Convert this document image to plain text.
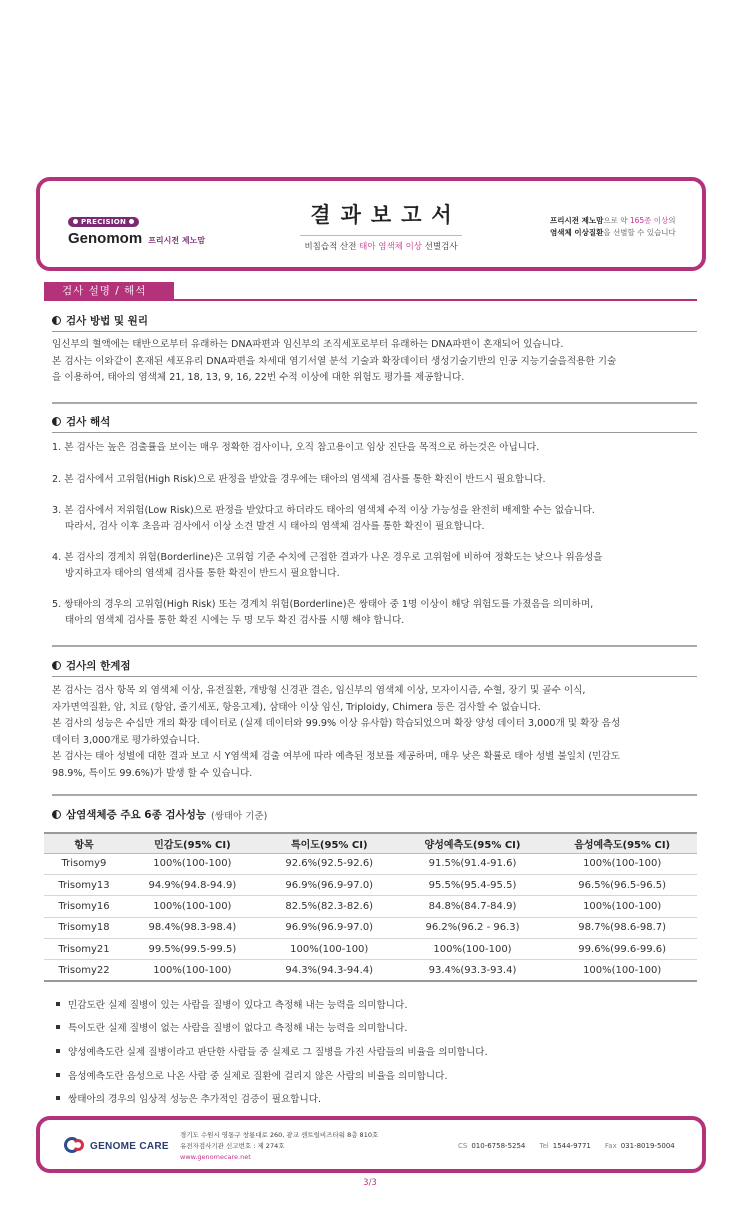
PRECISION
Genomom 프리시전 제노맘
결과보고서
비침습적 산전 태아 염색체 이상 선별검사
프리시전 제노맘으로 약 165종 이상의
염색체 이상질환을 선별할 수 있습니다
검사 설명 / 해석
검사 방법 및 원리
임신부의 혈액에는 태반으로부터 유래하는 DNA파편과 임신부의 조직세포로부터 유래하는 DNA파편이 혼재되어 있습니다.
본 검사는 이와같이 혼재된 세포유리 DNA파편을 차세대 염기서열 분석 기술과 확장데이터 생성기술기반의 인공 지능기술을적용한 기술
을 이용하여, 태아의 염색체 21, 18, 13, 9, 16, 22번 수적 이상에 대한 위험도 평가를 제공합니다.
검사 해석
1. 본 검사는 높은 검출률을 보이는 매우 정확한 검사이나, 오직 참고용이고 임상 진단을 목적으로 하는것은 아닙니다.
2. 본 검사에서 고위험(High Risk)으로 판정을 받았을 경우에는 태아의 염색체 검사를 통한 확진이 반드시 필요합니다.
3. 본 검사에서 저위험(Low Risk)으로 판정을 받았다고 하더라도 태아의 염색체 수적 이상 가능성을 완전히 배제할 수는 없습니다.
따라서, 검사 이후 초음파 검사에서 이상 소견 발견 시 태아의 염색체 검사를 통한 확진이 필요합니다.
4. 본 검사의 경계치 위험(Borderline)은 고위험 기준 수치에 근접한 결과가 나온 경우로 고위험에 비하여 정확도는 낮으나 위음성을
방지하고자 태아의 염색체 검사를 통한 확진이 반드시 필요합니다.
5. 쌍태아의 경우의 고위험(High Risk) 또는 경계치 위험(Borderline)은 쌍태아 중 1명 이상이 해당 위험도를 가졌음을 의미하며,
태아의 염색체 검사를 통한 확진 시에는 두 명 모두 확진 검사를 시행 해야 합니다.
검사의 한계점
본 검사는 검사 항목 외 염색체 이상, 유전질환, 개방형 신경관 결손, 임신부의 염색체 이상, 모자이시즘, 수혈, 장기 및 골수 이식,
자가면역질환, 암, 치료 (항암, 줄기세포, 항응고제), 삼태아 이상 임신, Triploidy, Chimera 등은 검사할 수 없습니다.
본 검사의 성능은 수십만 개의 확장 데이터로 (실제 데이터와 99.9% 이상 유사함) 학습되었으며 확장 양성 데이터 3,000개 및 확장 음성
데이터 3,000개로 평가하였습니다.
본 검사는 태아 성별에 대한 결과 보고 시 Y염색체 검출 여부에 따라 예측된 정보를 제공하며, 매우 낮은 확률로 태아 성별 불일치 (민감도
98.9%, 특이도 99.6%)가 발생 할 수 있습니다.
삼염색체증 주요 6종 검사성능 (쌍태아 기준)
항목	민감도(95% CI)	특이도(95% CI)	양성예측도(95% CI)	음성예측도(95% CI)
Trisomy9	100%(100-100)	92.6%(92.5-92.6)	91.5%(91.4-91.6)	100%(100-100)
Trisomy13	94.9%(94.8-94.9)	96.9%(96.9-97.0)	95.5%(95.4-95.5)	96.5%(96.5-96.5)
Trisomy16	100%(100-100)	82.5%(82.3-82.6)	84.8%(84.7-84.9)	100%(100-100)
Trisomy18	98.4%(98.3-98.4)	96.9%(96.9-97.0)	96.2%(96.2 - 96.3)	98.7%(98.6-98.7)
Trisomy21	99.5%(99.5-99.5)	100%(100-100)	100%(100-100)	99.6%(99.6-99.6)
Trisomy22	100%(100-100)	94.3%(94.3-94.4)	93.4%(93.3-93.4)	100%(100-100)
민감도란 실제 질병이 있는 사람을 질병이 있다고 측정해 내는 능력을 의미합니다.
특이도란 실제 질병이 없는 사람을 질병이 없다고 측정해 내는 능력을 의미합니다.
양성예측도란 실제 질병이라고 판단한 사람들 중 실제로 그 질병을 가진 사람들의 비율을 의미합니다.
음성예측도란 음성으로 나온 사람 중 실제로 질환에 걸리지 않은 사람의 비율을 의미합니다.
쌍태아의 경우의 임상적 성능은 추가적인 검증이 필요합니다.
GENOME CARE
경기도 수원시 영통구 창룡대로 260, 광교 센트럴비즈타워 8층 810호
유전자검사기관 신고번호 : 제 274호
www.genomecare.net
CS 010-6758-5254 Tel 1544-9771 Fax 031-8019-5004
3/3
